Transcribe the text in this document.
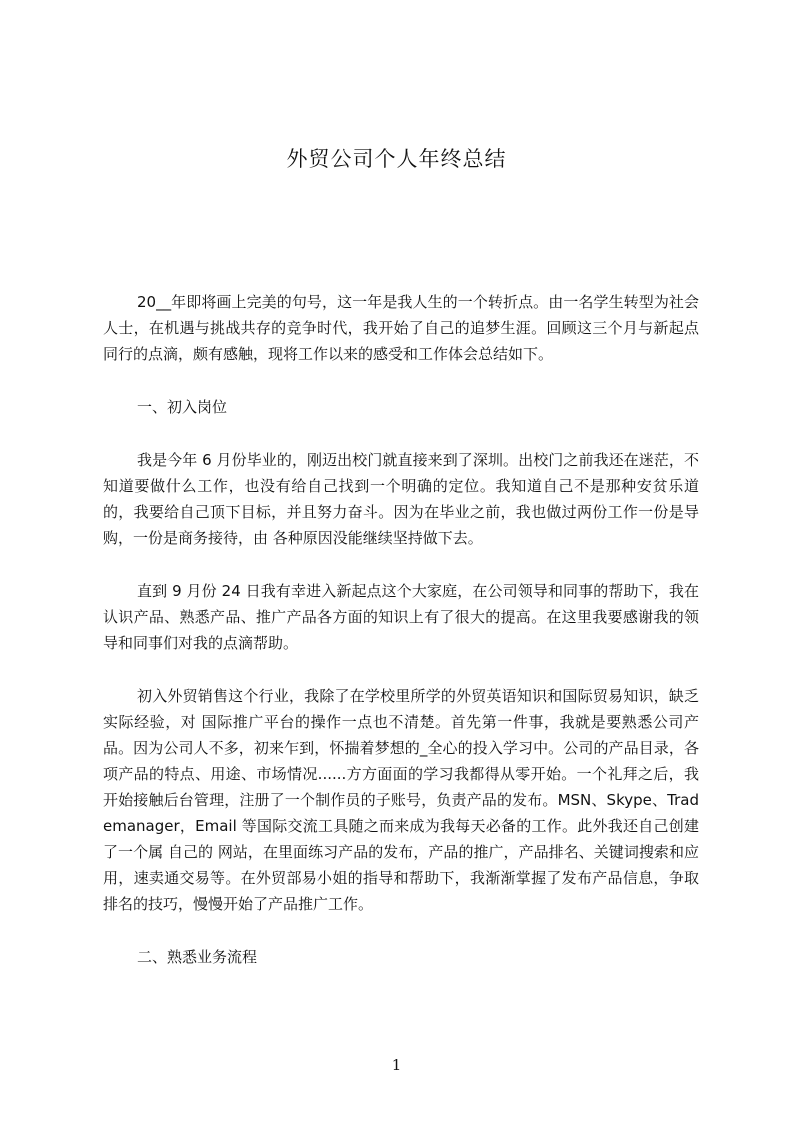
外贸公司个人年终总结

20__年即将画上完美的句号，这一年是我人生的一个转折点。由一名学生转型为社会人士，在机遇与挑战共存的竞争时代，我开始了自己的追梦生涯。回顾这三个月与新起点同行的点滴，颇有感触，现将工作以来的感受和工作体会总结如下。

一、初入岗位

我是今年 6 月份毕业的，刚迈出校门就直接来到了深圳。出校门之前我还在迷茫，不知道要做什么工作，也没有给自己找到一个明确的定位。我知道自己不是那种安贫乐道的，我要给自己顶下目标，并且努力奋斗。因为在毕业之前，我也做过两份工作一份是导购，一份是商务接待，由 各种原因没能继续坚持做下去。

直到 9 月份 24 日我有幸进入新起点这个大家庭，在公司领导和同事的帮助下，我在认识产品、熟悉产品、推广产品各方面的知识上有了很大的提高。在这里我要感谢我的领导和同事们对我的点滴帮助。

初入外贸销售这个行业，我除了在学校里所学的外贸英语知识和国际贸易知识，缺乏实际经验，对 国际推广平台的操作一点也不清楚。首先第一件事，我就是要熟悉公司产品。因为公司人不多，初来乍到，怀揣着梦想的_全心的投入学习中。公司的产品目录，各项产品的特点、用途、市场情况......方方面面的学习我都得从零开始。一个礼拜之后，我开始接触后台管理，注册了一个制作员的子账号，负责产品的发布。MSN、Skype、Trademanager，Email 等国际交流工具随之而来成为我每天必备的工作。此外我还自己创建了一个属 自己的 网站，在里面练习产品的发布，产品的推广，产品排名、关键词搜索和应用，速卖通交易等。在外贸部易小姐的指导和帮助下，我渐渐掌握了发布产品信息，争取排名的技巧，慢慢开始了产品推广工作。

二、熟悉业务流程

1
